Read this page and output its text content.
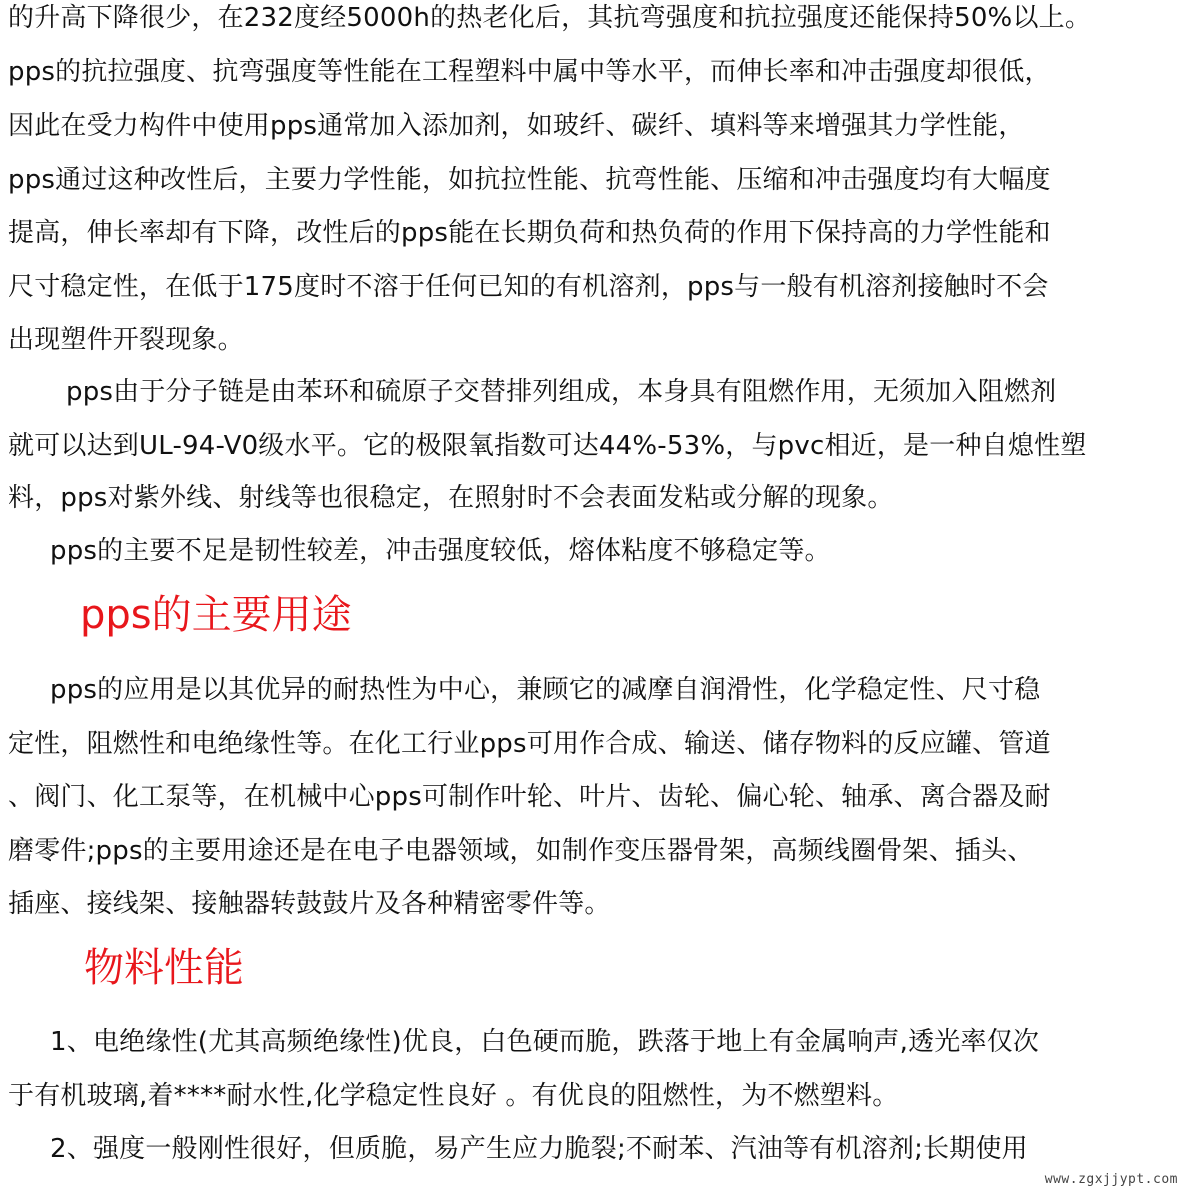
的升高下降很少，在232度经5000h的热老化后，其抗弯强度和抗拉强度还能保持50%以上。
pps的抗拉强度、抗弯强度等性能在工程塑料中属中等水平，而伸长率和冲击强度却很低，
因此在受力构件中使用pps通常加入添加剂，如玻纤、碳纤、填料等来增强其力学性能，
pps通过这种改性后，主要力学性能，如抗拉性能、抗弯性能、压缩和冲击强度均有大幅度
提高，伸长率却有下降，改性后的pps能在长期负荷和热负荷的作用下保持高的力学性能和
尺寸稳定性，在低于175度时不溶于任何已知的有机溶剂，pps与一般有机溶剂接触时不会
出现塑件开裂现象。
pps由于分子链是由苯环和硫原子交替排列组成，本身具有阻燃作用，无须加入阻燃剂
就可以达到UL-94-V0级水平。它的极限氧指数可达44%-53%，与pvc相近，是一种自熄性塑
料，pps对紫外线、射线等也很稳定，在照射时不会表面发粘或分解的现象。
pps的主要不足是韧性较差，冲击强度较低，熔体粘度不够稳定等。
pps的主要用途
pps的应用是以其优异的耐热性为中心，兼顾它的减摩自润滑性，化学稳定性、尺寸稳
定性，阻燃性和电绝缘性等。在化工行业pps可用作合成、输送、储存物料的反应罐、管道
、阀门、化工泵等，在机械中心pps可制作叶轮、叶片、齿轮、偏心轮、轴承、离合器及耐
磨零件;pps的主要用途还是在电子电器领域，如制作变压器骨架，高频线圈骨架、插头、
插座、接线架、接触器转鼓鼓片及各种精密零件等。
物料性能
1、电绝缘性(尤其高频绝缘性)优良，白色硬而脆，跌落于地上有金属响声,透光率仅次
于有机玻璃,着****耐水性,化学稳定性良好 。有优良的阻燃性，为不燃塑料。
2、强度一般刚性很好，但质脆，易产生应力脆裂;不耐苯、汽油等有机溶剂;长期使用
www.zgxjjypt.com
